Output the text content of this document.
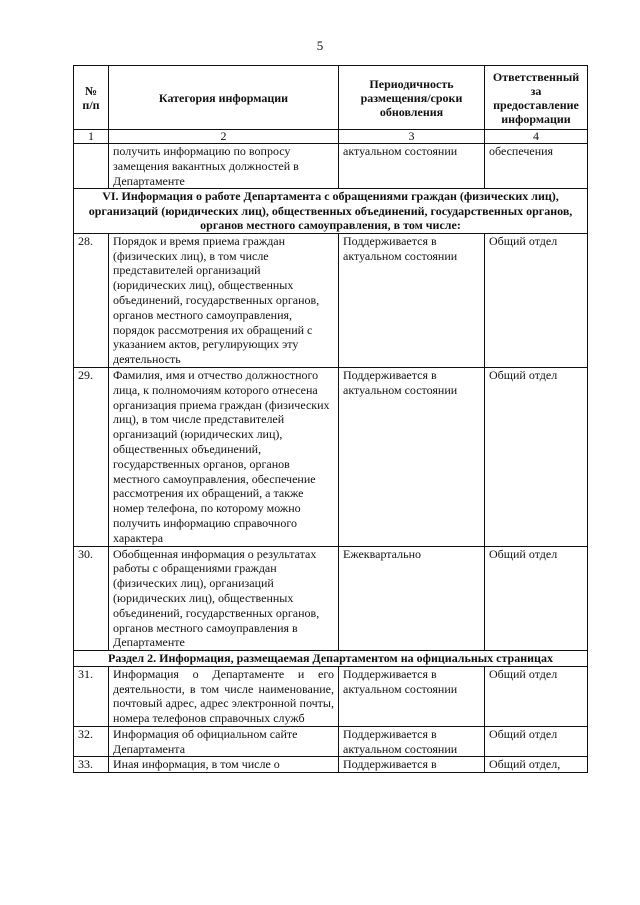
5
№
п/п	Категория информации	Периодичность размещения/сроки обновления	Ответственный за предоставление информации
1	2	3	4
	получить информацию по вопросу замещения вакантных должностей в Департаменте	актуальном состоянии	обеспечения
VI. Информация о работе Департамента с обращениями граждан (физических лиц), организаций (юридических лиц), общественных объединений, государственных органов, органов местного самоуправления, в том числе:			
28.	Порядок и время приема граждан (физических лиц), в том числе представителей организаций (юридических лиц), общественных объединений, государственных органов, органов местного самоуправления, порядок рассмотрения их обращений с указанием актов, регулирующих эту деятельность	Поддерживается в актуальном состоянии	Общий отдел
29.	Фамилия, имя и отчество должностного лица, к полномочиям которого отнесена организация приема граждан (физических лиц), в том числе представителей организаций (юридических лиц), общественных объединений, государственных органов, органов местного самоуправления, обеспечение рассмотрения их обращений, а также номер телефона, по которому можно получить информацию справочного характера	Поддерживается в актуальном состоянии	Общий отдел
30.	Обобщенная информация о результатах работы с обращениями граждан (физических лиц), организаций (юридических лиц), общественных объединений, государственных органов, органов местного самоуправления в Департаменте	Ежеквартально	Общий отдел
Раздел 2. Информация, размещаемая Департаментом на официальных страницах			
31.	Информация о Департаменте и его деятельности, в том числе наименование, почтовый адрес, адрес электронной почты, номера телефонов справочных служб	Поддерживается в актуальном состоянии	Общий отдел
32.	Информация об официальном сайте Департамента	Поддерживается в актуальном состоянии	Общий отдел
33.	Иная информация, в том числе о	Поддерживается в	Общий отдел,
